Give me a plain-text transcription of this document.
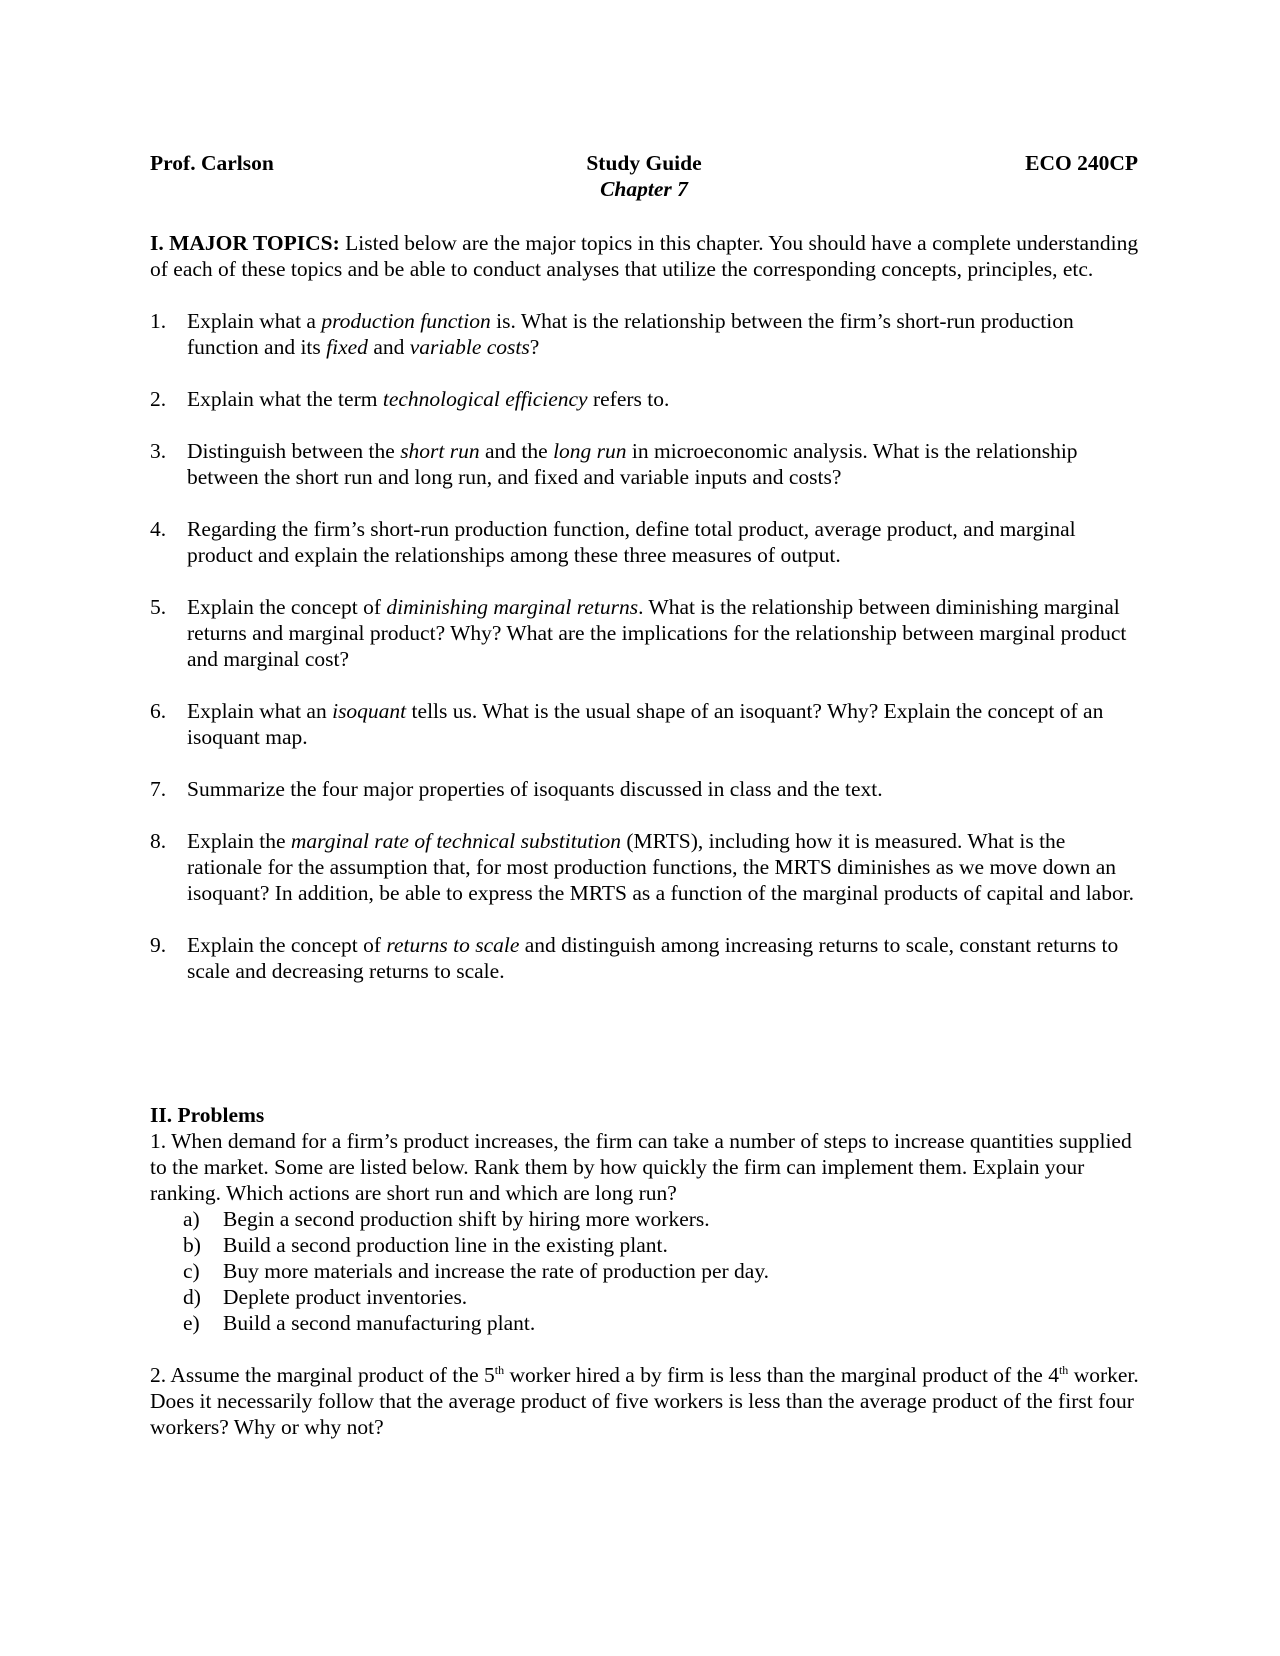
Prof. Carlson	Study Guide
Chapter 7
ECO 240CP

I. MAJOR TOPICS: Listed below are the major topics in this chapter. You should have a complete understanding of each of these topics and be able to conduct analyses that utilize the corresponding concepts, principles, etc.

1. Explain what a production function is. What is the relationship between the firm’s short-run production function and its fixed and variable costs?
2. Explain what the term technological efficiency refers to.
3. Distinguish between the short run and the long run in microeconomic analysis. What is the relationship between the short run and long run, and fixed and variable inputs and costs?
4. Regarding the firm’s short-run production function, define total product, average product, and marginal product and explain the relationships among these three measures of output.
5. Explain the concept of diminishing marginal returns. What is the relationship between diminishing marginal returns and marginal product? Why? What are the implications for the relationship between marginal product and marginal cost?
6. Explain what an isoquant tells us. What is the usual shape of an isoquant? Why? Explain the concept of an isoquant map.
7. Summarize the four major properties of isoquants discussed in class and the text.
8. Explain the marginal rate of technical substitution (MRTS), including how it is measured. What is the rationale for the assumption that, for most production functions, the MRTS diminishes as we move down an isoquant? In addition, be able to express the MRTS as a function of the marginal products of capital and labor.
9. Explain the concept of returns to scale and distinguish among increasing returns to scale, constant returns to scale and decreasing returns to scale.

II. Problems

1. When demand for a firm’s product increases, the firm can take a number of steps to increase quantities supplied to the market. Some are listed below. Rank them by how quickly the firm can implement them. Explain your ranking. Which actions are short run and which are long run?

a) Begin a second production shift by hiring more workers.
b) Build a second production line in the existing plant.
c) Buy more materials and increase the rate of production per day.
d) Deplete product inventories.
e) Build a second manufacturing plant.

2. Assume the marginal product of the 5th worker hired a by firm is less than the marginal product of the 4th worker. Does it necessarily follow that the average product of five workers is less than the average product of the first four workers? Why or why not?
